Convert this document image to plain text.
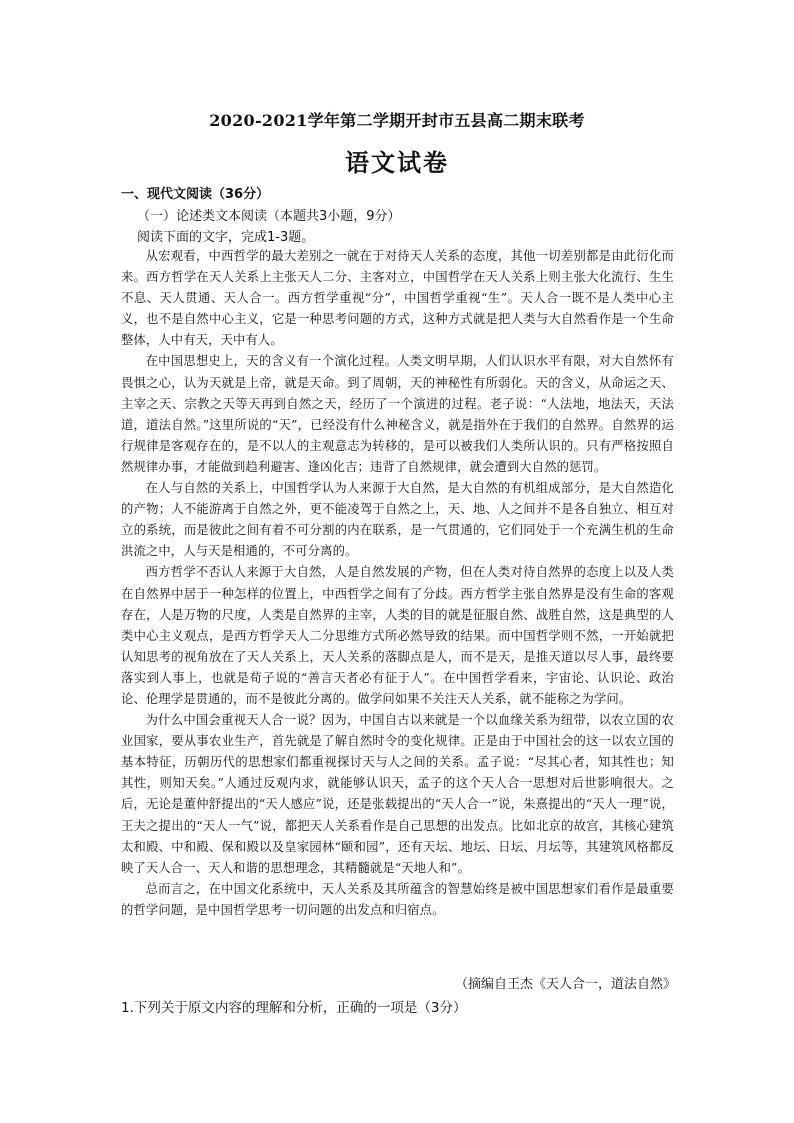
2020-2021学年第二学期开封市五县高二期末联考
语文试卷
一、现代文阅读（36分）
（一）论述类文本阅读（本题共3小题，9分）
阅读下面的文字，完成1-3题。

从宏观看，中西哲学的最大差别之一就在于对待天人关系的态度，其他一切差别都是由此衍化而来。西方哲学在天人关系上主张天人二分、主客对立，中国哲学在天人关系上则主张大化流行、生生不息、天人贯通、天人合一。西方哲学重视“分”，中国哲学重视“生”。天人合一既不是人类中心主义，也不是自然中心主义，它是一种思考问题的方式，这种方式就是把人类与大自然看作是一个生命整体，人中有天，天中有人。

在中国思想史上，天的含义有一个演化过程。人类文明早期，人们认识水平有限，对大自然怀有畏惧之心，认为天就是上帝，就是天命。到了周朝，天的神秘性有所弱化。天的含义，从命运之天、主宰之天、宗教之天等天再到自然之天，经历了一个演进的过程。老子说：“人法地，地法天，天法道，道法自然。”这里所说的“天”，已经没有什么神秘含义，就是指外在于我们的自然界。自然界的运行规律是客观存在的，是不以人的主观意志为转移的，是可以被我们人类所认识的。只有严格按照自然规律办事，才能做到趋利避害、逢凶化吉；违背了自然规律，就会遭到大自然的惩罚。

在人与自然的关系上，中国哲学认为人来源于大自然，是大自然的有机组成部分，是大自然造化的产物；人不能游离于自然之外，更不能凌驾于自然之上，天、地、人之间并不是各自独立、相互对立的系统，而是彼此之间有着不可分割的内在联系，是一气贯通的，它们同处于一个充满生机的生命洪流之中，人与天是相通的，不可分离的。

西方哲学不否认人来源于大自然，人是自然发展的产物，但在人类对待自然界的态度上以及人类在自然界中居于一种怎样的位置上，中西哲学之间有了分歧。西方哲学主张自然界是没有生命的客观存在，人是万物的尺度，人类是自然界的主宰，人类的目的就是征服自然、战胜自然，这是典型的人类中心主义观点，是西方哲学天人二分思维方式所必然导致的结果。而中国哲学则不然，一开始就把认知思考的视角放在了天人关系上，天人关系的落脚点是人，而不是天，是推天道以尽人事，最终要落实到人事上，也就是荀子说的“善言天者必有征于人”。在中国哲学看来，宇宙论、认识论、政治论、伦理学是贯通的，而不是彼此分离的。做学问如果不关注天人关系，就不能称之为学问。

为什么中国会重视天人合一说？因为，中国自古以来就是一个以血缘关系为纽带，以农立国的农业国家，要从事农业生产，首先就是了解自然时令的变化规律。正是由于中国社会的这一以农立国的基本特征，历朝历代的思想家们都重视探讨天与人之间的关系。孟子说：“尽其心者，知其性也；知其性，则知天矣。”人通过反观内求，就能够认识天，孟子的这个天人合一思想对后世影响很大。之后，无论是董仲舒提出的“天人感应”说，还是张载提出的“天人合一”说，朱熹提出的“天人一理”说，王夫之提出的“天人一气”说，都把天人关系看作是自己思想的出发点。比如北京的故宫，其核心建筑太和殿、中和殿、保和殿以及皇家园林“颐和园”，还有天坛、地坛、日坛、月坛等，其建筑风格都反映了天人合一、天人和谐的思想理念，其精髓就是“天地人和”。

总而言之，在中国文化系统中，天人关系及其所蕴含的智慧始终是被中国思想家们看作是最重要的哲学问题，是中国哲学思考一切问题的出发点和归宿点。

（摘编自王杰《天人合一，道法自然》
1.下列关于原文内容的理解和分析，正确的一项是（3分）
